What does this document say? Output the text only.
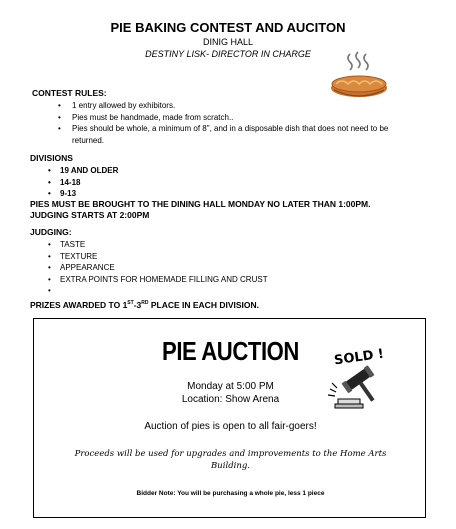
PIE BAKING CONTEST AND AUCITON
DINIG HALL
DESTINY LISK- DIRECTOR IN CHARGE
CONTEST RULES:
• 1 entry allowed by exhibitors.
• Pies must be handmade, made from scratch..
• Pies should be whole, a minimum of 8", and in a disposable dish that does not need to be returned.
DIVISIONS
• 19 AND OLDER
• 14-18
• 9-13
PIES MUST BE BROUGHT TO THE DINING HALL MONDAY NO LATER THAN 1:00PM.
JUDGING STARTS AT 2:00PM
JUDGING:
• TASTE
• TEXTURE
• APPEARANCE
• EXTRA POINTS FOR HOMEMADE FILLING AND CRUST
•
PRIZES AWARDED TO 1ST-3RD PLACE IN EACH DIVISION.
PIE AUCTION	SOLD !
Monday at 5:00 PM
Location: Show Arena
Auction of pies is open to all fair-goers!
Proceeds will be used for upgrades and improvements to the Home Arts Building.
Bidder Note: You will be purchasing a whole pie, less 1 piece
